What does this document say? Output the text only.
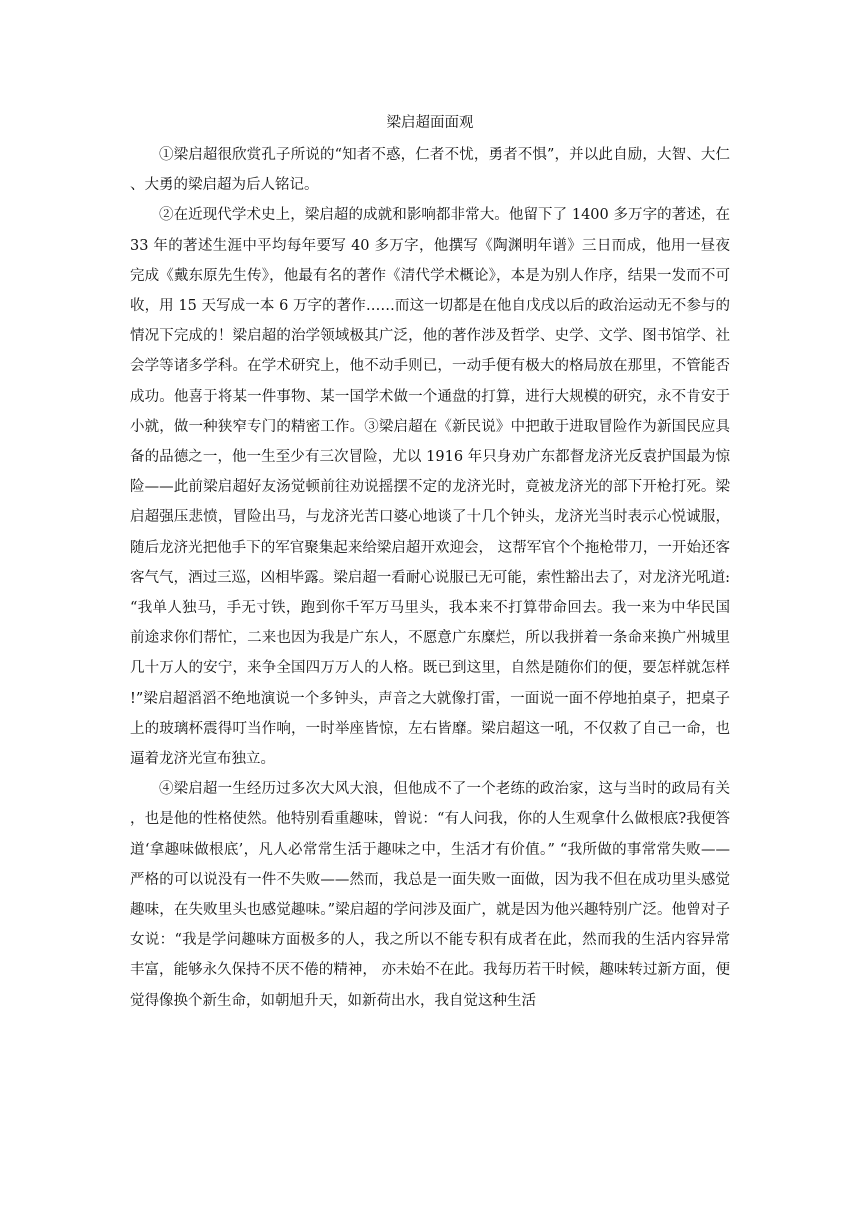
梁启超面面观

①梁启超很欣赏孔子所说的“知者不惑，仁者不忧，勇者不惧”，并以此自励，大智、大仁、大勇的梁启超为后人铭记。

②在近现代学术史上，梁启超的成就和影响都非常大。他留下了 1400 多万字的著述，在 33 年的著述生涯中平均每年要写 40 多万字，他撰写《陶渊明年谱》三日而成，他用一昼夜完成《戴东原先生传》，他最有名的著作《清代学术概论》，本是为别人作序，结果一发而不可收，用 15 天写成一本 6 万字的著作……而这一切都是在他自戊戌以后的政治运动无不参与的情况下完成的！梁启超的治学领域极其广泛，他的著作涉及哲学、史学、文学、图书馆学、社会学等诸多学科。在学术研究上，他不动手则已，一动手便有极大的格局放在那里，不管能否成功。他喜于将某一件事物、某一国学术做一个通盘的打算，进行大规模的研究，永不肯安于小就，做一种狭窄专门的精密工作。③梁启超在《新民说》中把敢于进取冒险作为新国民应具备的品德之一，他一生至少有三次冒险，尤以 1916 年只身劝广东都督龙济光反袁护国最为惊险——此前梁启超好友汤觉顿前往劝说摇摆不定的龙济光时，竟被龙济光的部下开枪打死。梁启超强压悲愤，冒险出马，与龙济光苦口婆心地谈了十几个钟头，龙济光当时表示心悦诚服，随后龙济光把他手下的军官聚集起来给梁启超开欢迎会， 这帮军官个个拖枪带刀，一开始还客客气气，酒过三巡，凶相毕露。梁启超一看耐心说服已无可能，索性豁出去了，对龙济光吼道:“我单人独马，手无寸铁，跑到你千军万马里头，我本来不打算带命回去。我一来为中华民国前途求你们帮忙，二来也因为我是广东人，不愿意广东糜烂，所以我拼着一条命来换广州城里几十万人的安宁，来争全国四万万人的人格。既已到这里，自然是随你们的便，要怎样就怎样!”梁启超滔滔不绝地演说一个多钟头，声音之大就像打雷，一面说一面不停地拍桌子，把桌子上的玻璃杯震得叮当作响，一时举座皆惊，左右皆靡。梁启超这一吼，不仅救了自己一命，也逼着龙济光宣布独立。

④梁启超一生经历过多次大风大浪，但他成不了一个老练的政治家，这与当时的政局有关，也是他的性格使然。他特别看重趣味，曾说：“有人问我，你的人生观拿什么做根底?我便答道‘拿趣味做根底’，凡人必常常生活于趣味之中，生活才有价值。” “我所做的事常常失败——严格的可以说没有一件不失败——然而，我总是一面失败一面做，因为我不但在成功里头感觉趣味，在失败里头也感觉趣味。”梁启超的学问涉及面广，就是因为他兴趣特别广泛。他曾对子女说：“我是学问趣味方面极多的人，我之所以不能专积有成者在此，然而我的生活内容异常丰富，能够永久保持不厌不倦的精神， 亦未始不在此。我每历若干时候，趣味转过新方面，便觉得像换个新生命，如朝旭升天，如新荷出水，我自觉这种生活
